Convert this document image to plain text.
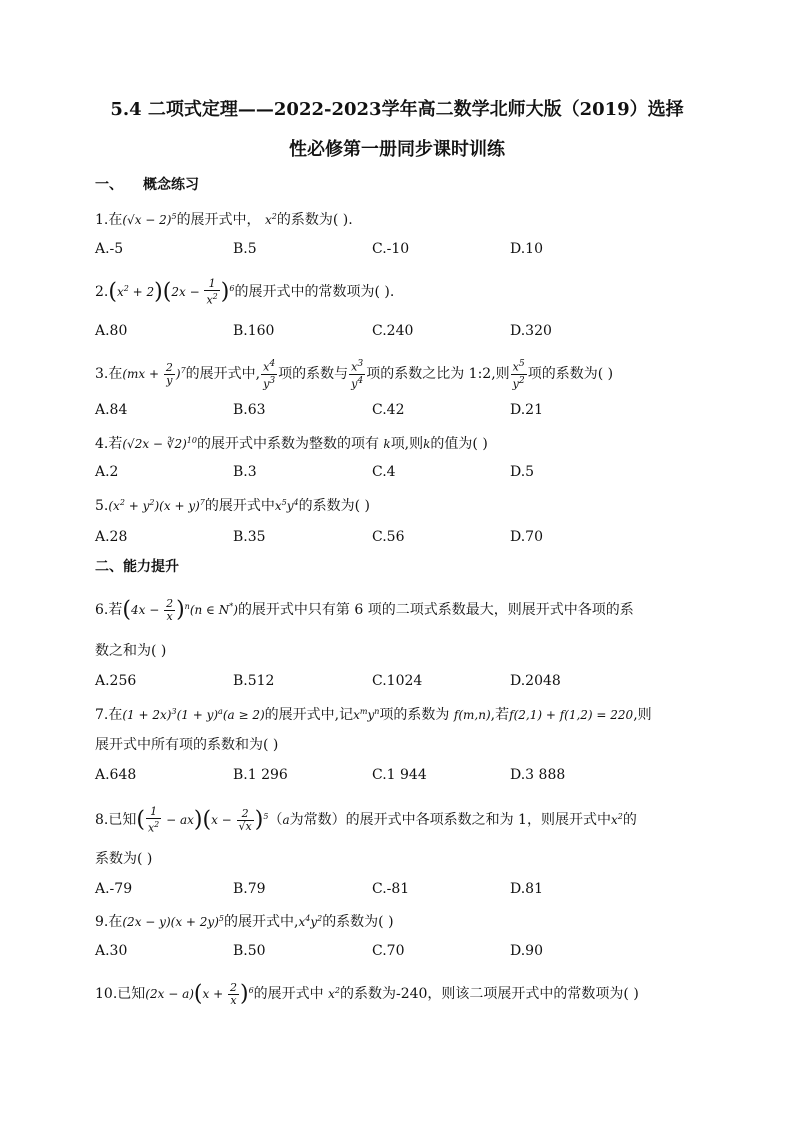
5.4 二项式定理——2022-2023学年高二数学北师大版（2019）选择
性必修第一册同步课时训练
一、 概念练习
1.在$(√x - 2)^5$的展开式中， $x^2$的系数为( ).
A.-5	B.5	C.-10	D.10
$2.(x^2 + 2)(2x - \frac{1}{x^2} )^6$的展开式中的常数项为( ).
A.80	B.160	C.240	D.320
3.在$(mx + \frac{2}{y} )^7$的展开式中, $\frac{x^4}{y^3}$ 项的系数与 $\frac{x^3}{y^4}$ 项的系数之比为 1:2,则 $\frac{x^5}{y^2}$ 项的系数为( )
A.84	B.63	C.42	D.21
4.若(√2x − ∛2)$^{10}$的展开式中系数为整数的项有 k项,则k的值为( )
A.2	B.3	C.4	D.5
$5.(x^2 + y^2)(x + y)^7$的展开式中$x^5y^4$的系数为( )
A.28	B.35	C.56	D.70
二、能力提升
6.若$(4x - \frac{2}{x} )^n(n$ ∈ N*)的展开式中只有第 6 项的二项式系数最大，则展开式中各项的系
数之和为( )
A.256	B.512	C.1024	D.2048
7.在$(1 + 2x)^3(1 + y)^a(a \ge 2)$的展开式中,记$x^my^n$项的系数为 f(m,n),若f(2,1) + f(1,2) = 220,则
展开式中所有项的系数和为( )
A.648	B.1 296	C.1 944	D.3 888
8.已知( $\frac{1}{x^2} - ax)(x - \frac{2}{√x} )^5(a$为常数）的展开式中各项系数之和为 1，则展开式中$x^2$的
系数为( )
A.-79	B.79	C.-81	D.81
9.在$(2x - y)(x + 2y)^5$的展开式中$,x^4y^2$的系数为( )
A.30	B.50	C.70	D.90
10.已知$(2x - a)(x + \frac{2}{x} )^6$的展开式中 $x^2$的系数为-240，则该二项展开式中的常数项为( )
